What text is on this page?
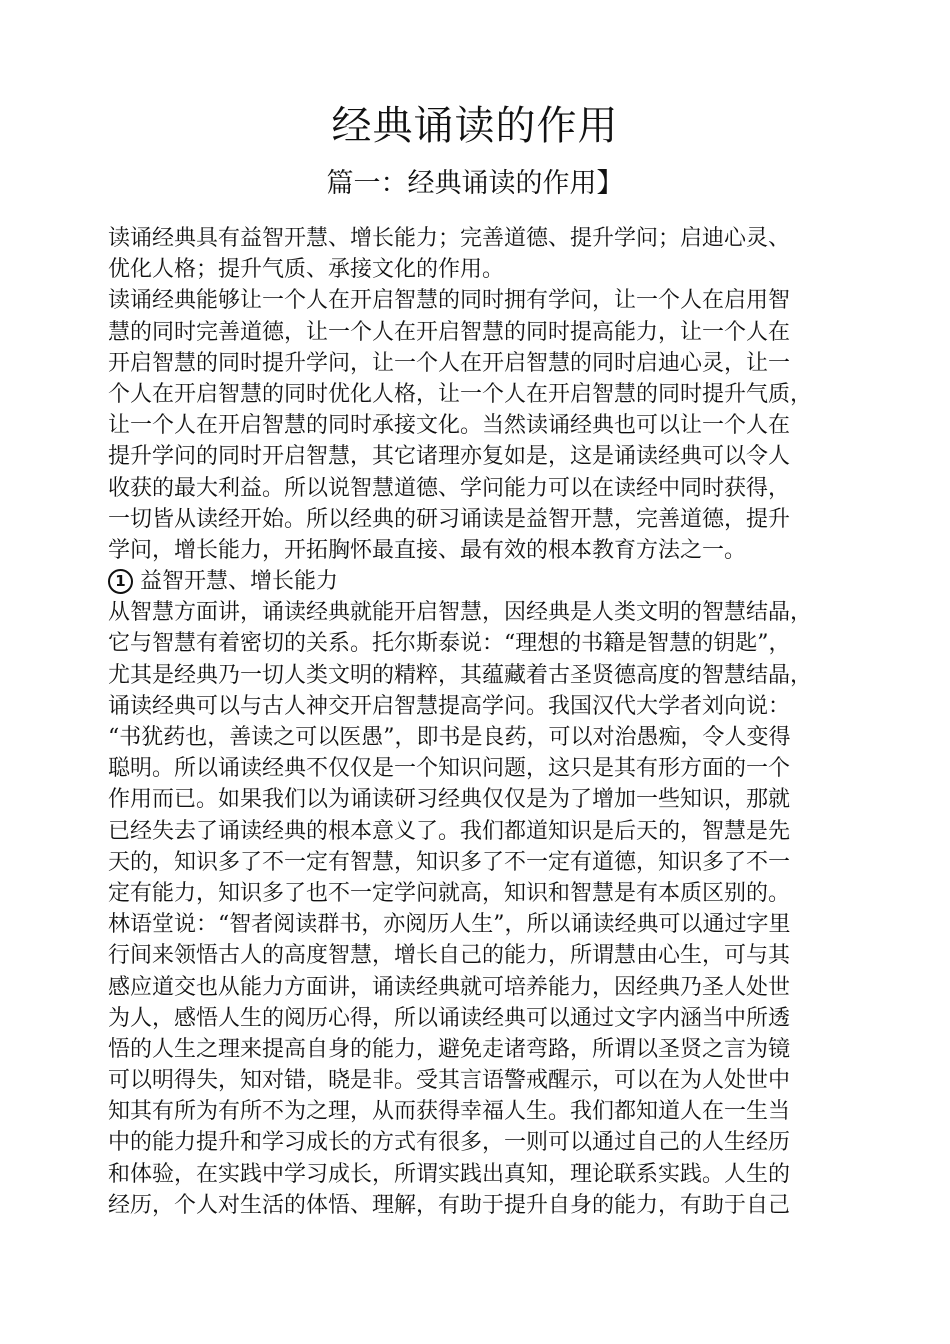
经典诵读的作用
篇一：经典诵读的作用】
读诵经典具有益智开慧、增长能力；完善道德、提升学问；启迪心灵、
优化人格；提升气质、承接文化的作用。
读诵经典能够让一个人在开启智慧的同时拥有学问，让一个人在启用智
慧的同时完善道德，让一个人在开启智慧的同时提高能力，让一个人在
开启智慧的同时提升学问，让一个人在开启智慧的同时启迪心灵，让一
个人在开启智慧的同时优化人格，让一个人在开启智慧的同时提升气质，
让一个人在开启智慧的同时承接文化。当然读诵经典也可以让一个人在
提升学问的同时开启智慧，其它诸理亦复如是，这是诵读经典可以令人
收获的最大利益。所以说智慧道德、学问能力可以在读经中同时获得，
一切皆从读经开始。所以经典的研习诵读是益智开慧，完善道德，提升
学问，增长能力，开拓胸怀最直接、最有效的根本教育方法之一。
1 益智开慧、增长能力
从智慧方面讲，诵读经典就能开启智慧，因经典是人类文明的智慧结晶，
它与智慧有着密切的关系。托尔斯泰说：“理想的书籍是智慧的钥匙”，
尤其是经典乃一切人类文明的精粹，其蕴藏着古圣贤德高度的智慧结晶，
诵读经典可以与古人神交开启智慧提高学问。我国汉代大学者刘向说：
“书犹药也，善读之可以医愚”，即书是良药，可以对治愚痴，令人变得
聪明。所以诵读经典不仅仅是一个知识问题，这只是其有形方面的一个
作用而已。如果我们以为诵读研习经典仅仅是为了增加一些知识，那就
已经失去了诵读经典的根本意义了。我们都道知识是后天的，智慧是先
天的，知识多了不一定有智慧，知识多了不一定有道德，知识多了不一
定有能力，知识多了也不一定学问就高，知识和智慧是有本质区别的。
林语堂说：“智者阅读群书，亦阅历人生”，所以诵读经典可以通过字里
行间来领悟古人的高度智慧，增长自己的能力，所谓慧由心生，可与其
感应道交也从能力方面讲，诵读经典就可培养能力，因经典乃圣人处世
为人，感悟人生的阅历心得，所以诵读经典可以通过文字内涵当中所透
悟的人生之理来提高自身的能力，避免走诸弯路，所谓以圣贤之言为镜
可以明得失，知对错，晓是非。受其言语警戒醒示，可以在为人处世中
知其有所为有所不为之理，从而获得幸福人生。我们都知道人在一生当
中的能力提升和学习成长的方式有很多，一则可以通过自己的人生经历
和体验，在实践中学习成长，所谓实践出真知，理论联系实践。人生的
经历，个人对生活的体悟、理解，有助于提升自身的能力，有助于自己
